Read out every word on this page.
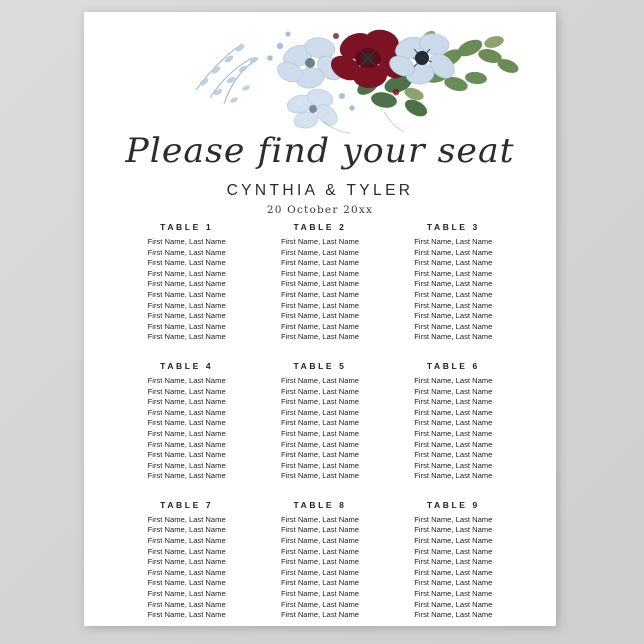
Please find your seat
CYNTHIA & TYLER
20 October 20xx
TABLE 1
First Name, Last Name
First Name, Last Name
First Name, Last Name
First Name, Last Name
First Name, Last Name
First Name, Last Name
First Name, Last Name
First Name, Last Name
First Name, Last Name
First Name, Last Name
TABLE 2
First Name, Last Name
First Name, Last Name
First Name, Last Name
First Name, Last Name
First Name, Last Name
First Name, Last Name
First Name, Last Name
First Name, Last Name
First Name, Last Name
First Name, Last Name
TABLE 3
First Name, Last Name
First Name, Last Name
First Name, Last Name
First Name, Last Name
First Name, Last Name
First Name, Last Name
First Name, Last Name
First Name, Last Name
First Name, Last Name
First Name, Last Name
TABLE 4
First Name, Last Name
First Name, Last Name
First Name, Last Name
First Name, Last Name
First Name, Last Name
First Name, Last Name
First Name, Last Name
First Name, Last Name
First Name, Last Name
First Name, Last Name
TABLE 5
First Name, Last Name
First Name, Last Name
First Name, Last Name
First Name, Last Name
First Name, Last Name
First Name, Last Name
First Name, Last Name
First Name, Last Name
First Name, Last Name
First Name, Last Name
TABLE 6
First Name, Last Name
First Name, Last Name
First Name, Last Name
First Name, Last Name
First Name, Last Name
First Name, Last Name
First Name, Last Name
First Name, Last Name
First Name, Last Name
First Name, Last Name
TABLE 7
First Name, Last Name
First Name, Last Name
First Name, Last Name
First Name, Last Name
First Name, Last Name
First Name, Last Name
First Name, Last Name
First Name, Last Name
First Name, Last Name
First Name, Last Name
TABLE 8
First Name, Last Name
First Name, Last Name
First Name, Last Name
First Name, Last Name
First Name, Last Name
First Name, Last Name
First Name, Last Name
First Name, Last Name
First Name, Last Name
First Name, Last Name
TABLE 9
First Name, Last Name
First Name, Last Name
First Name, Last Name
First Name, Last Name
First Name, Last Name
First Name, Last Name
First Name, Last Name
First Name, Last Name
First Name, Last Name
First Name, Last Name
